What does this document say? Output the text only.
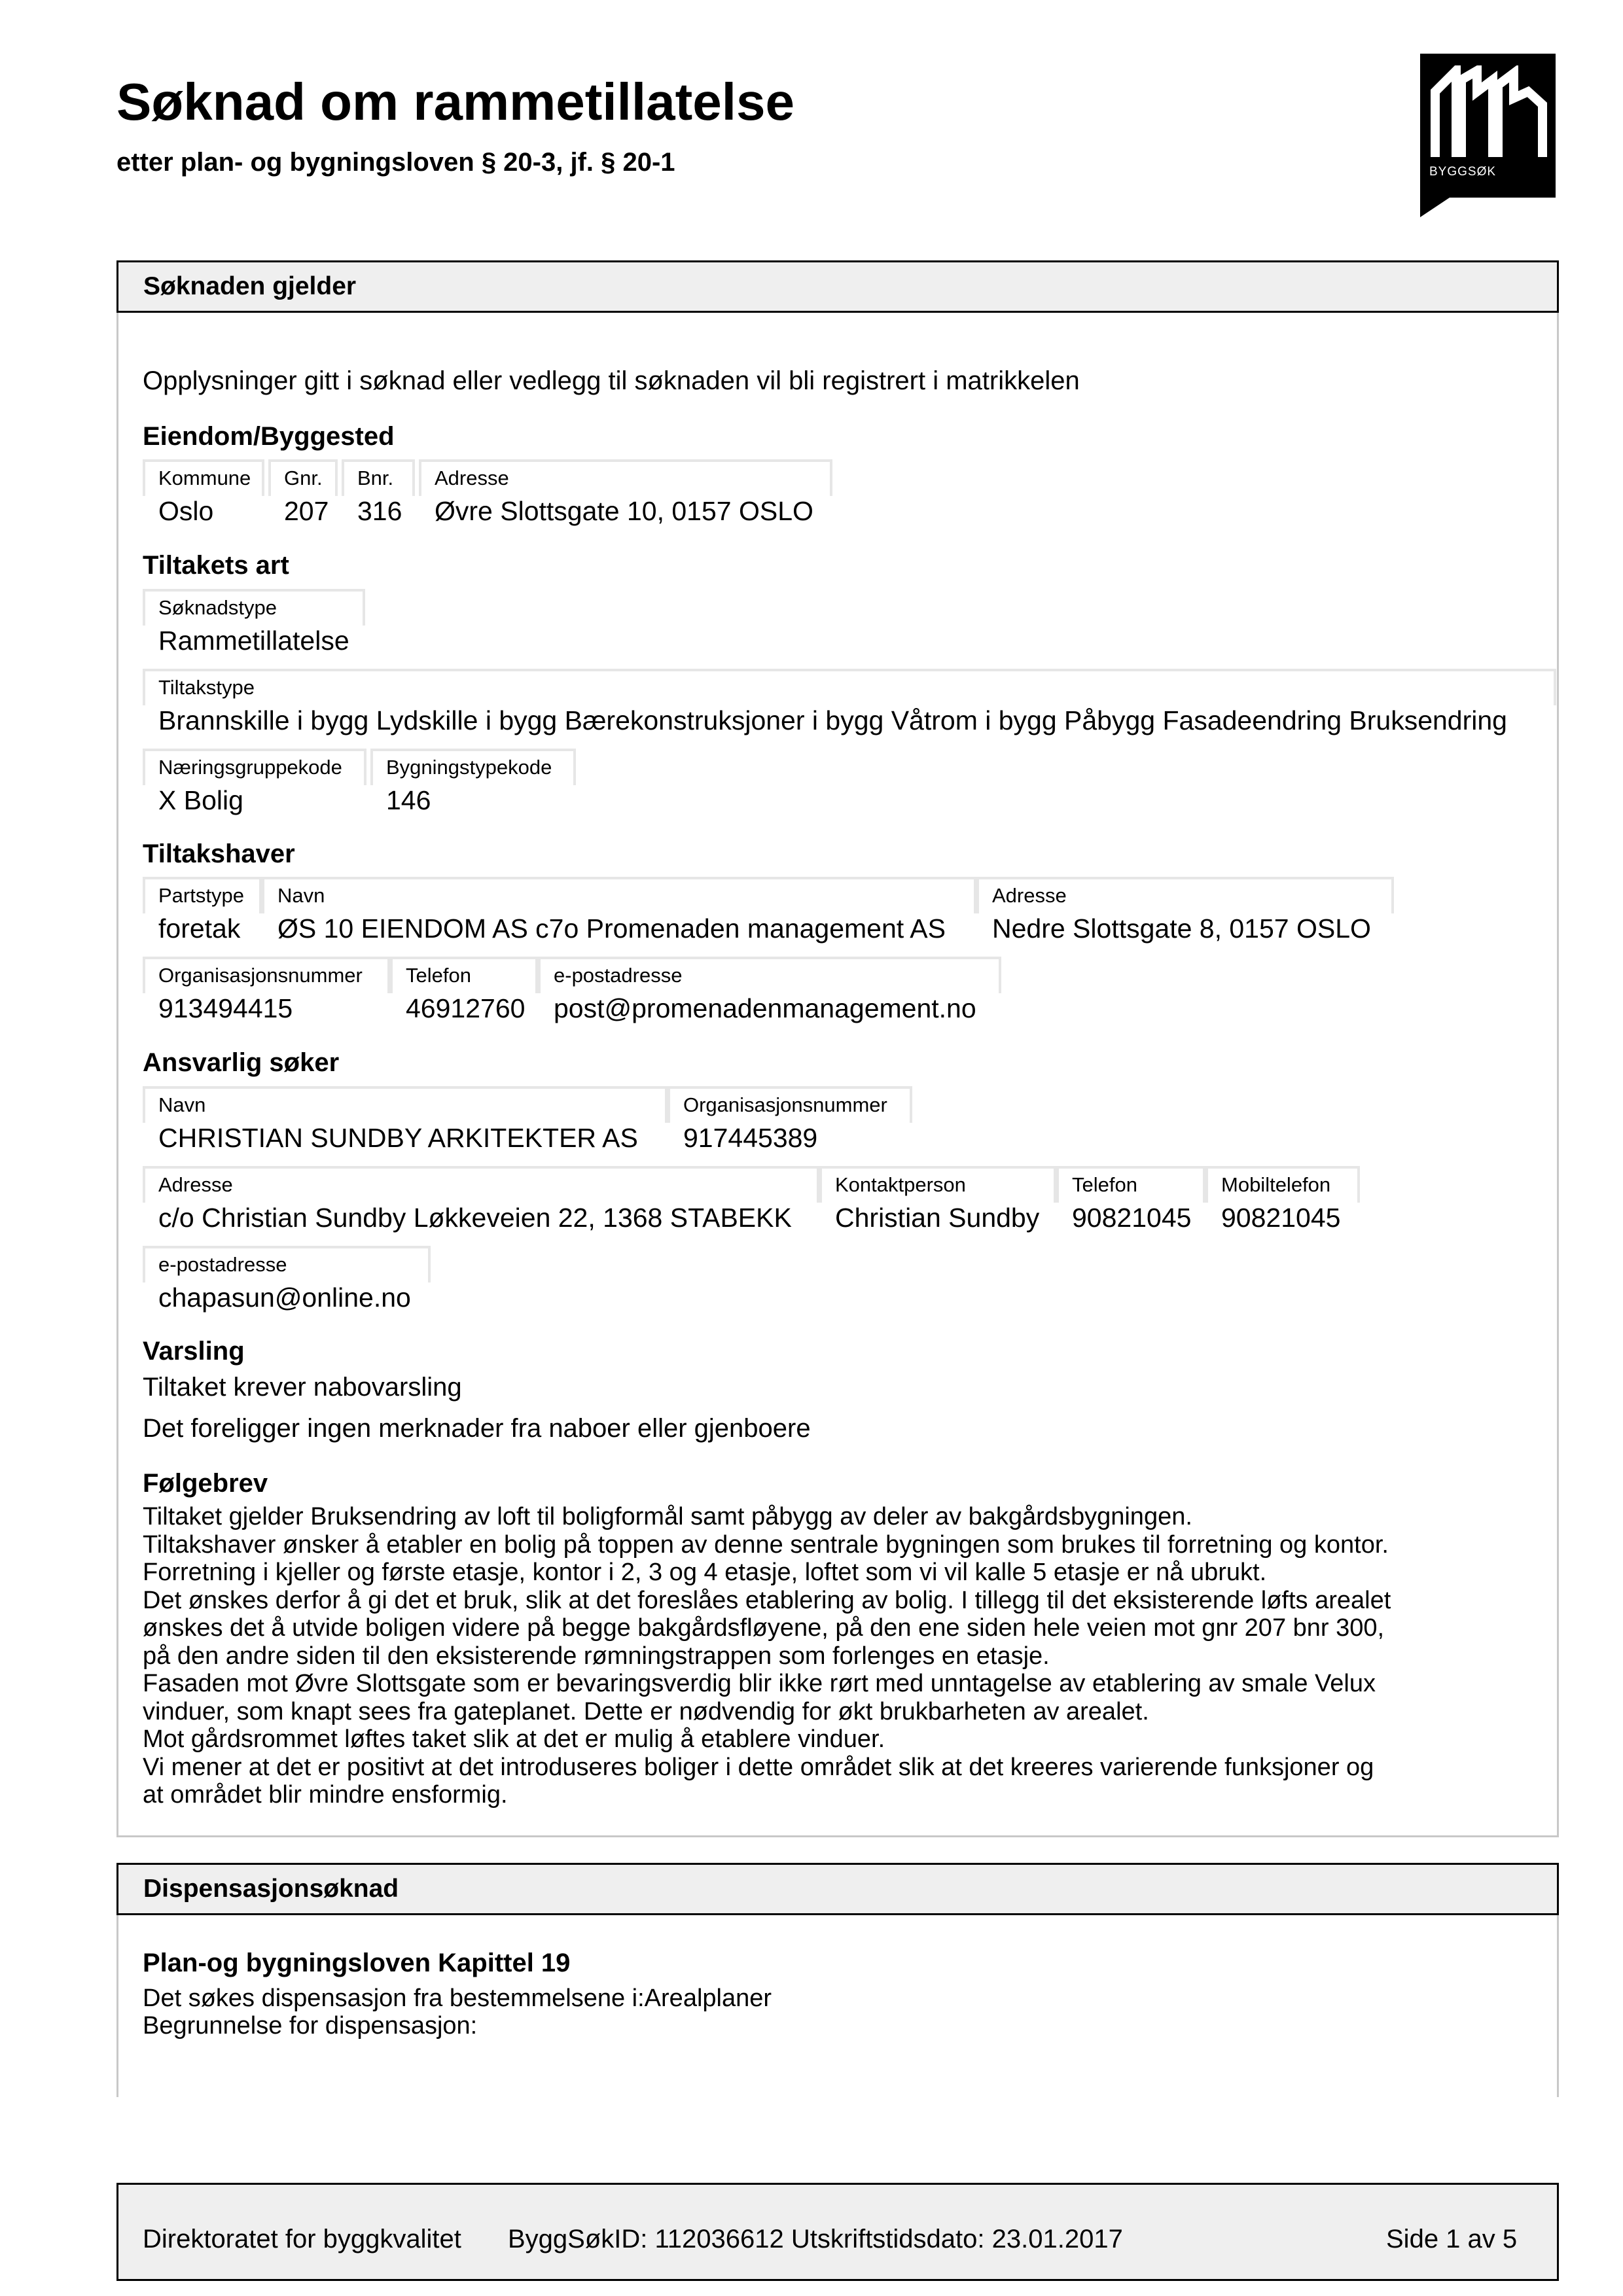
Søknad om rammetillatelse
etter plan- og bygningsloven § 20-3, jf. § 20-1	BYGGSØK
Søknaden gjelder
Opplysninger gitt i søknad eller vedlegg til søknaden vil bli registrert i matrikkelen
Eiendom/Byggested
Kommune	Gnr.	Bnr.	Adresse
Oslo	207	316	Øvre Slottsgate 10, 0157 OSLO
Tiltakets art
Søknadstype
Rammetillatelse
Tiltakstype
Brannskille i bygg Lydskille i bygg Bærekonstruksjoner i bygg Våtrom i bygg Påbygg Fasadeendring Bruksendring
Næringsgruppekode	Bygningstypekode
X Bolig	146
Tiltakshaver
Partstype	Navn	Adresse
foretak	ØS 10 EIENDOM AS c7o Promenaden management AS	Nedre Slottsgate 8, 0157 OSLO
Organisasjonsnummer	Telefon	e-postadresse
913494415	46912760	post@promenadenmanagement.no
Ansvarlig søker
Navn	Organisasjonsnummer
CHRISTIAN SUNDBY ARKITEKTER AS	917445389
Adresse	Kontaktperson	Telefon	Mobiltelefon
c/o Christian Sundby Løkkeveien 22, 1368 STABEKK	Christian Sundby	90821045	90821045
e-postadresse
chapasun@online.no
Varsling
Tiltaket krever nabovarsling
Det foreligger ingen merknader fra naboer eller gjenboere
Følgebrev
Tiltaket gjelder Bruksendring av loft til boligformål samt påbygg av deler av bakgårdsbygningen.
Tiltakshaver ønsker å etabler en bolig på toppen av denne sentrale bygningen som brukes til forretning og kontor.
Forretning i kjeller og første etasje, kontor i 2, 3 og 4 etasje, loftet som vi vil kalle 5 etasje er nå ubrukt.
Det ønskes derfor å gi det et bruk, slik at det foreslåes etablering av bolig. I tillegg til det eksisterende løfts arealet
ønskes det å utvide boligen videre på begge bakgårdsfløyene, på den ene siden hele veien mot gnr 207 bnr 300,
på den andre siden til den eksisterende rømningstrappen som forlenges en etasje.
Fasaden mot Øvre Slottsgate som er bevaringsverdig blir ikke rørt med unntagelse av etablering av smale Velux
vinduer, som knapt sees fra gateplanet. Dette er nødvendig for økt brukbarheten av arealet.
Mot gårdsrommet løftes taket slik at det er mulig å etablere vinduer.
Vi mener at det er positivt at det introduseres boliger i dette området slik at det kreeres varierende funksjoner og
at området blir mindre ensformig.
Dispensasjonsøknad
Plan-og bygningsloven Kapittel 19
Det søkes dispensasjon fra bestemmelsene i:Arealplaner
Begrunnelse for dispensasjon:
Direktoratet for byggkvalitet ByggSøkID: 112036612 Utskriftstidsdato: 23.01.2017	Side 1 av 5
